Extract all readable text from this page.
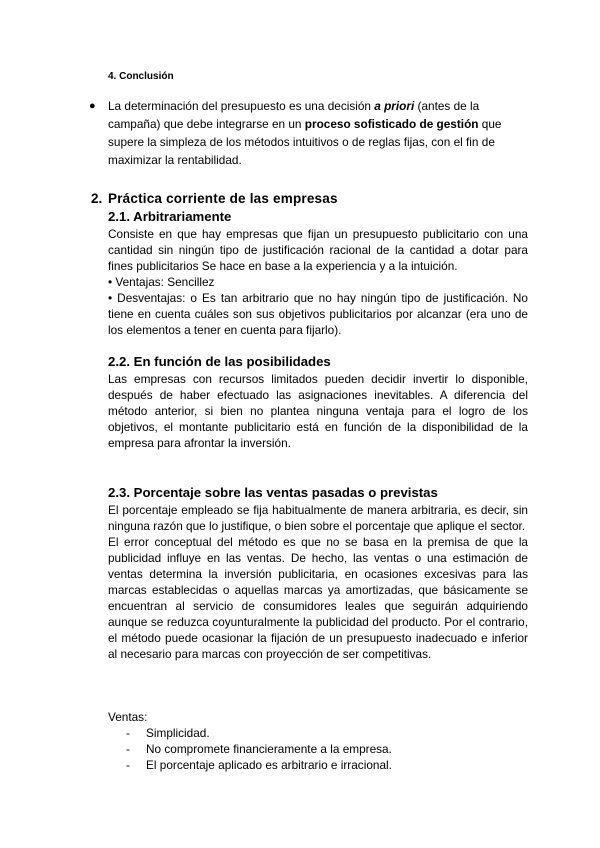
4. Conclusión
● La determinación del presupuesto es una decisión a priori (antes de la campaña) que debe integrarse en un proceso sofisticado de gestión que supere la simpleza de los métodos intuitivos o de reglas fijas, con el fin de maximizar la rentabilidad.
2. Práctica corriente de las empresas
2.1. Arbitrariamente

Consiste en que hay empresas que fijan un presupuesto publicitario con una cantidad sin ningún tipo de justificación racional de la cantidad a dotar para fines publicitarios Se hace en base a la experiencia y a la intuición.

• Ventajas: Sencillez

• Desventajas: o Es tan arbitrario que no hay ningún tipo de justificación. No tiene en cuenta cuáles son sus objetivos publicitarios por alcanzar (era uno de los elementos a tener en cuenta para fijarlo).

2.2. En función de las posibilidades
Las empresas con recursos limitados pueden decidir invertir lo disponible, después de haber efectuado las asignaciones inevitables. A diferencia del método anterior, si bien no plantea ninguna ventaja para el logro de los objetivos, el montante publicitario está en función de la disponibilidad de la empresa para afrontar la inversión.
2.3. Porcentaje sobre las ventas pasadas o previstas

El porcentaje empleado se fija habitualmente de manera arbitraria, es decir, sin ninguna razón que lo justifique, o bien sobre el porcentaje que aplique el sector.

El error conceptual del método es que no se basa en la premisa de que la publicidad influye en las ventas. De hecho, las ventas o una estimación de ventas determina la inversión publicitaria, en ocasiones excesivas para las marcas establecidas o aquellas marcas ya amortizadas, que básicamente se encuentran al servicio de consumidores leales que seguirán adquiriendo aunque se reduzca coyunturalmente la publicidad del producto. Por el contrario, el método puede ocasionar la fijación de un presupuesto inadecuado e inferior al necesario para marcas con proyección de ser competitivas.

Ventas:
- Simplicidad.
- No compromete financieramente a la empresa.
- El porcentaje aplicado es arbitrario e irracional.
